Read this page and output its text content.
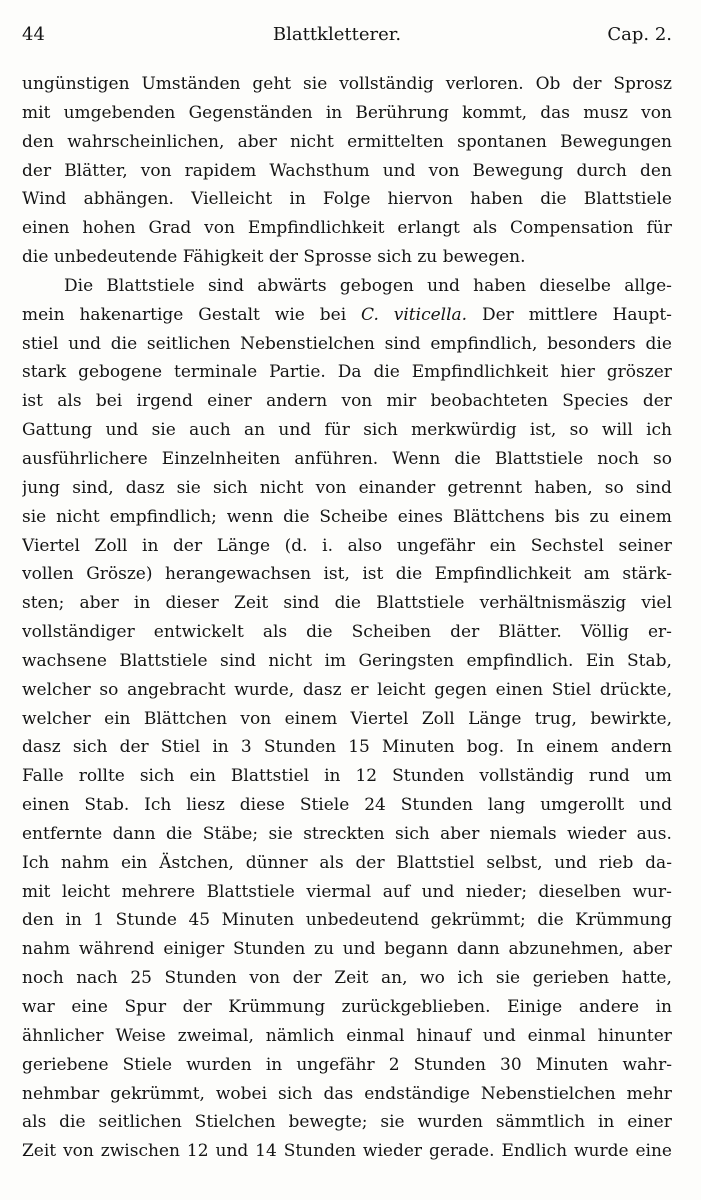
44	Blattkletterer.	Cap. 2.
ungünstigen Umständen geht sie vollständig verloren. Ob der Sprosz
mit umgebenden Gegenständen in Berührung kommt, das musz von
den wahrscheinlichen, aber nicht ermittelten spontanen Bewegungen
der Blätter, von rapidem Wachsthum und von Bewegung durch den
Wind abhängen. Vielleicht in Folge hiervon haben die Blattstiele
einen hohen Grad von Empfindlichkeit erlangt als Compensation für
die unbedeutende Fähigkeit der Sprosse sich zu bewegen.
Die Blattstiele sind abwärts gebogen und haben dieselbe allge-
mein hakenartige Gestalt wie bei C. viticella. Der mittlere Haupt-
stiel und die seitlichen Nebenstielchen sind empfindlich, besonders die
stark gebogene terminale Partie. Da die Empfindlichkeit hier gröszer
ist als bei irgend einer andern von mir beobachteten Species der
Gattung und sie auch an und für sich merkwürdig ist, so will ich
ausführlichere Einzelnheiten anführen. Wenn die Blattstiele noch so
jung sind, dasz sie sich nicht von einander getrennt haben, so sind
sie nicht empfindlich; wenn die Scheibe eines Blättchens bis zu einem
Viertel Zoll in der Länge (d. i. also ungefähr ein Sechstel seiner
vollen Grösze) herangewachsen ist, ist die Empfindlichkeit am stärk-
sten; aber in dieser Zeit sind die Blattstiele verhältnismäszig viel
vollständiger entwickelt als die Scheiben der Blätter. Völlig er-
wachsene Blattstiele sind nicht im Geringsten empfindlich. Ein Stab,
welcher so angebracht wurde, dasz er leicht gegen einen Stiel drückte,
welcher ein Blättchen von einem Viertel Zoll Länge trug, bewirkte,
dasz sich der Stiel in 3 Stunden 15 Minuten bog. In einem andern
Falle rollte sich ein Blattstiel in 12 Stunden vollständig rund um
einen Stab. Ich liesz diese Stiele 24 Stunden lang umgerollt und
entfernte dann die Stäbe; sie streckten sich aber niemals wieder aus.
Ich nahm ein Ästchen, dünner als der Blattstiel selbst, und rieb da-
mit leicht mehrere Blattstiele viermal auf und nieder; dieselben wur-
den in 1 Stunde 45 Minuten unbedeutend gekrümmt; die Krümmung
nahm während einiger Stunden zu und begann dann abzunehmen, aber
noch nach 25 Stunden von der Zeit an, wo ich sie gerieben hatte,
war eine Spur der Krümmung zurückgeblieben. Einige andere in
ähnlicher Weise zweimal, nämlich einmal hinauf und einmal hinunter
geriebene Stiele wurden in ungefähr 2 Stunden 30 Minuten wahr-
nehmbar gekrümmt, wobei sich das endständige Nebenstielchen mehr
als die seitlichen Stielchen bewegte; sie wurden sämmtlich in einer
Zeit von zwischen 12 und 14 Stunden wieder gerade. Endlich wurde eine
